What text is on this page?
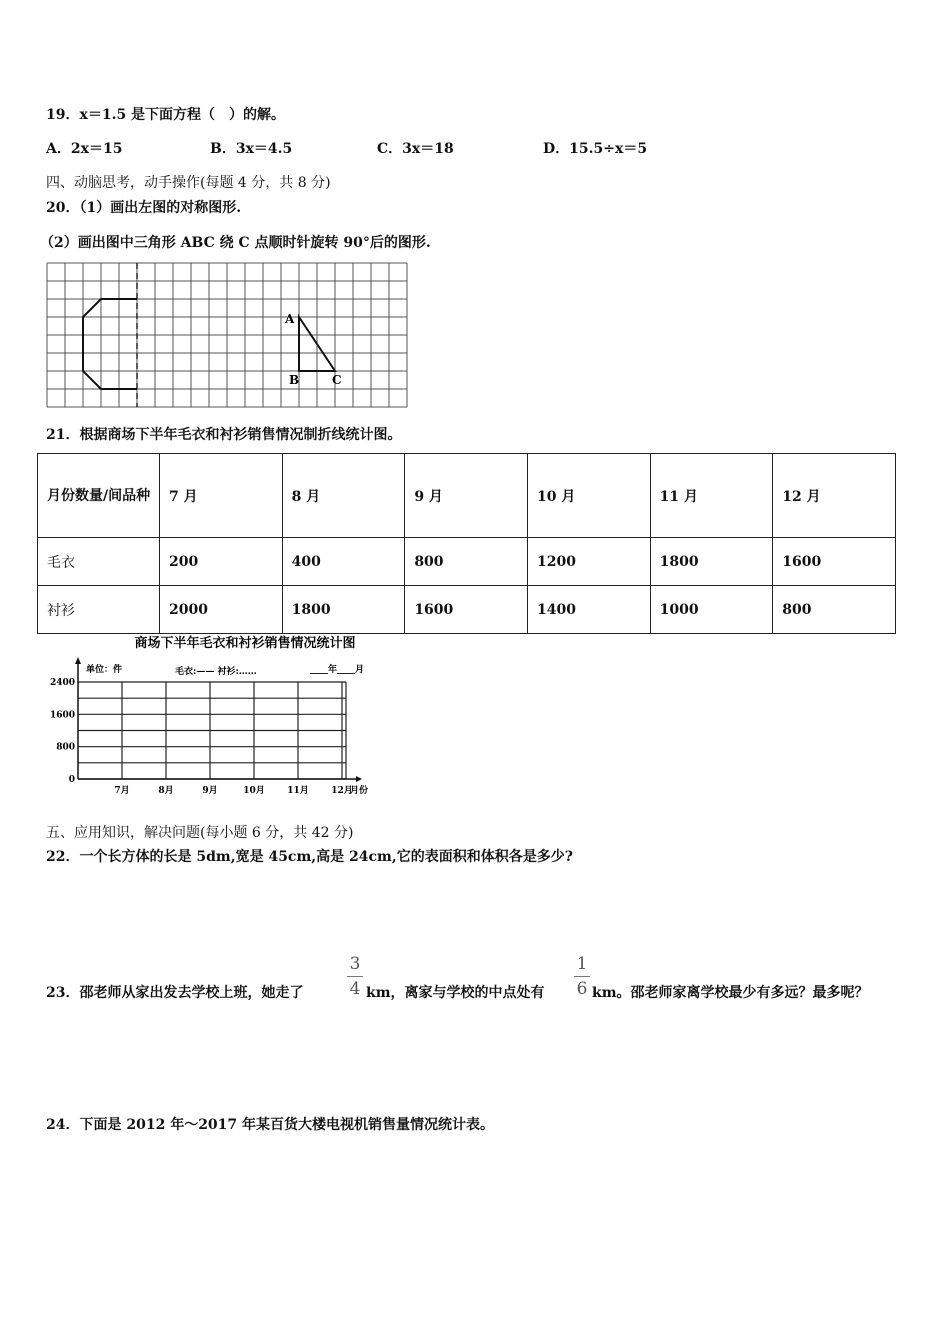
19．x＝1.5 是下面方程（　）的解。
A．2x＝15	B．3x＝4.5	C．3x＝18	D．15.5÷x＝5
四、动脑思考，动手操作(每题 4 分，共 8 分)
20．（1）画出左图的对称图形.
（2）画出图中三角形 ABC 绕 C 点顺时针旋转 90°后的图形.
A
B	C
21．根据商场下半年毛衣和衬衫销售情况制折线统计图。
月份数量/间品种	7 月	8 月	9 月	10 月	11 月	12 月
毛衣	200	400	800	1200	1800	1600
衬衫	2000	1800	1600	1400	1000	800
商场下半年毛衣和衬衫销售情况统计图
单位：件	毛衣:—— 衬衫:……	____年____月
7月	8月	9月	10月 11月 12月
月份
0
800
1600
2400
五、应用知识，解决问题(每小题 6 分，共 42 分)
22．一个长方体的长是 5dm,宽是 45cm,高是 24cm,它的表面积和体积各是多少?
23．邵老师从家出发去学校上班，她走了
3
4 km，离家与学校的中点处有
1
6 km。邵老师家离学校最少有多远？最多呢？
24．下面是 2012 年～2017 年某百货大楼电视机销售量情况统计表。
